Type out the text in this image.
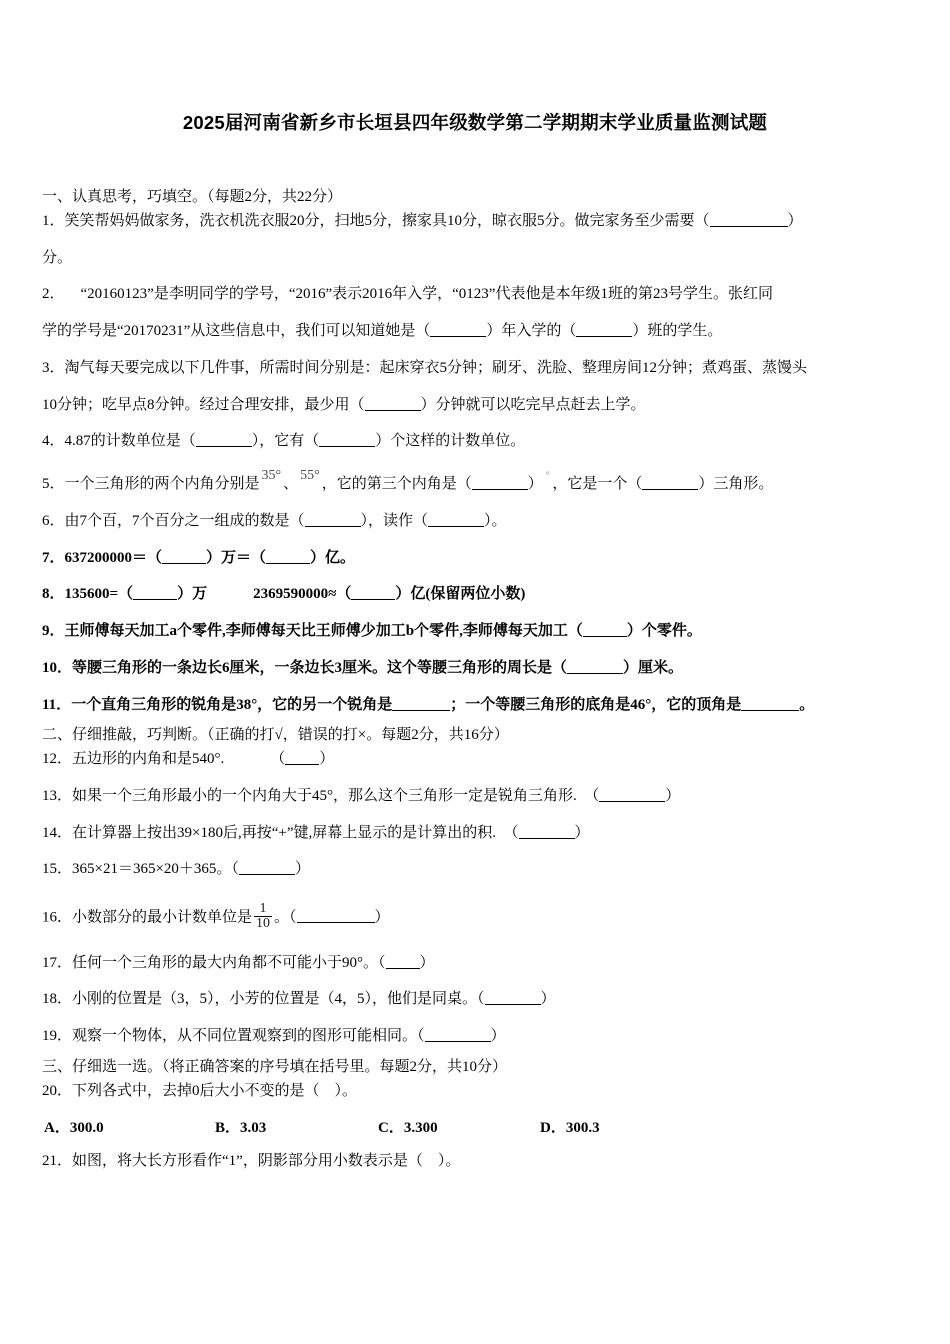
2025届河南省新乡市长垣县四年级数学第二学期期末学业质量监测试题

一、认真思考，巧填空。（每题2分，共22分）

1．笑笑帮妈妈做家务，洗衣机洗衣服20分，扫地5分，擦家具10分，晾衣服5分。做完家务至少需要（	）

分。

2． “20160123”是李明同学的学号，“2016”表示2016年入学，“0123”代表他是本年级1班的第23号学生。张红同

学的学号是“20170231”从这些信息中，我们可以知道她是（	）年入学的（	）班的学生。

3．淘气每天要完成以下几件事，所需时间分别是：起床穿衣5分钟；刷牙、洗脸、整理房间12分钟；煮鸡蛋、蒸馒头

10分钟；吃早点8分钟。经过合理安排，最少用（	）分钟就可以吃完早点赶去上学。

4．4.87的计数单位是（	），它有（	）个这样的计数单位。

5．一个三角形的两个内角分别是35°、55°，它的第三个内角是（	）°，它是一个（	）三角形。

6．由7个百，7个百分之一组成的数是（	），读作（	）。

7．637200000＝（	）万＝（	）亿。

8．135600=（	）万	2369590000≈（	）亿(保留两位小数)

9．王师傅每天加工a个零件,李师傅每天比王师傅少加工b个零件,李师傅每天加工（	）个零件。

10．等腰三角形的一条边长6厘米，一条边长3厘米。这个等腰三角形的周长是（	）厘米。

11．一个直角三角形的锐角是38°，它的另一个锐角是	；一个等腰三角形的底角是46°，它的顶角是	。

二、仔细推敲，巧判断。（正确的打√，错误的打×。每题2分，共16分）

12．五边形的内角和是540°.	（ ）

13．如果一个三角形最小的一个内角大于45°，那么这个三角形一定是锐角三角形.　（	）

14．在计算器上按出39×180后,再按“+”键,屏幕上显示的是计算出的积.　（	）

15．365×21＝365×20＋365。（	）

16．小数部分的最小计数单位是 $\frac{1}{10}$ 。（	）

17．任何一个三角形的最大内角都不可能小于90°。（ ）

18．小刚的位置是（3，5），小芳的位置是（4，5），他们是同桌。（	）

19．观察一个物体，从不同位置观察到的图形可能相同。（	）

三、仔细选一选。（将正确答案的序号填在括号里。每题2分，共10分）

20．下列各式中，去掉0后大小不变的是（　）。

A．300.0	B．3.03	C．3.300	D．300.3

21．如图，将大长方形看作“1”，阴影部分用小数表示是（　）。
